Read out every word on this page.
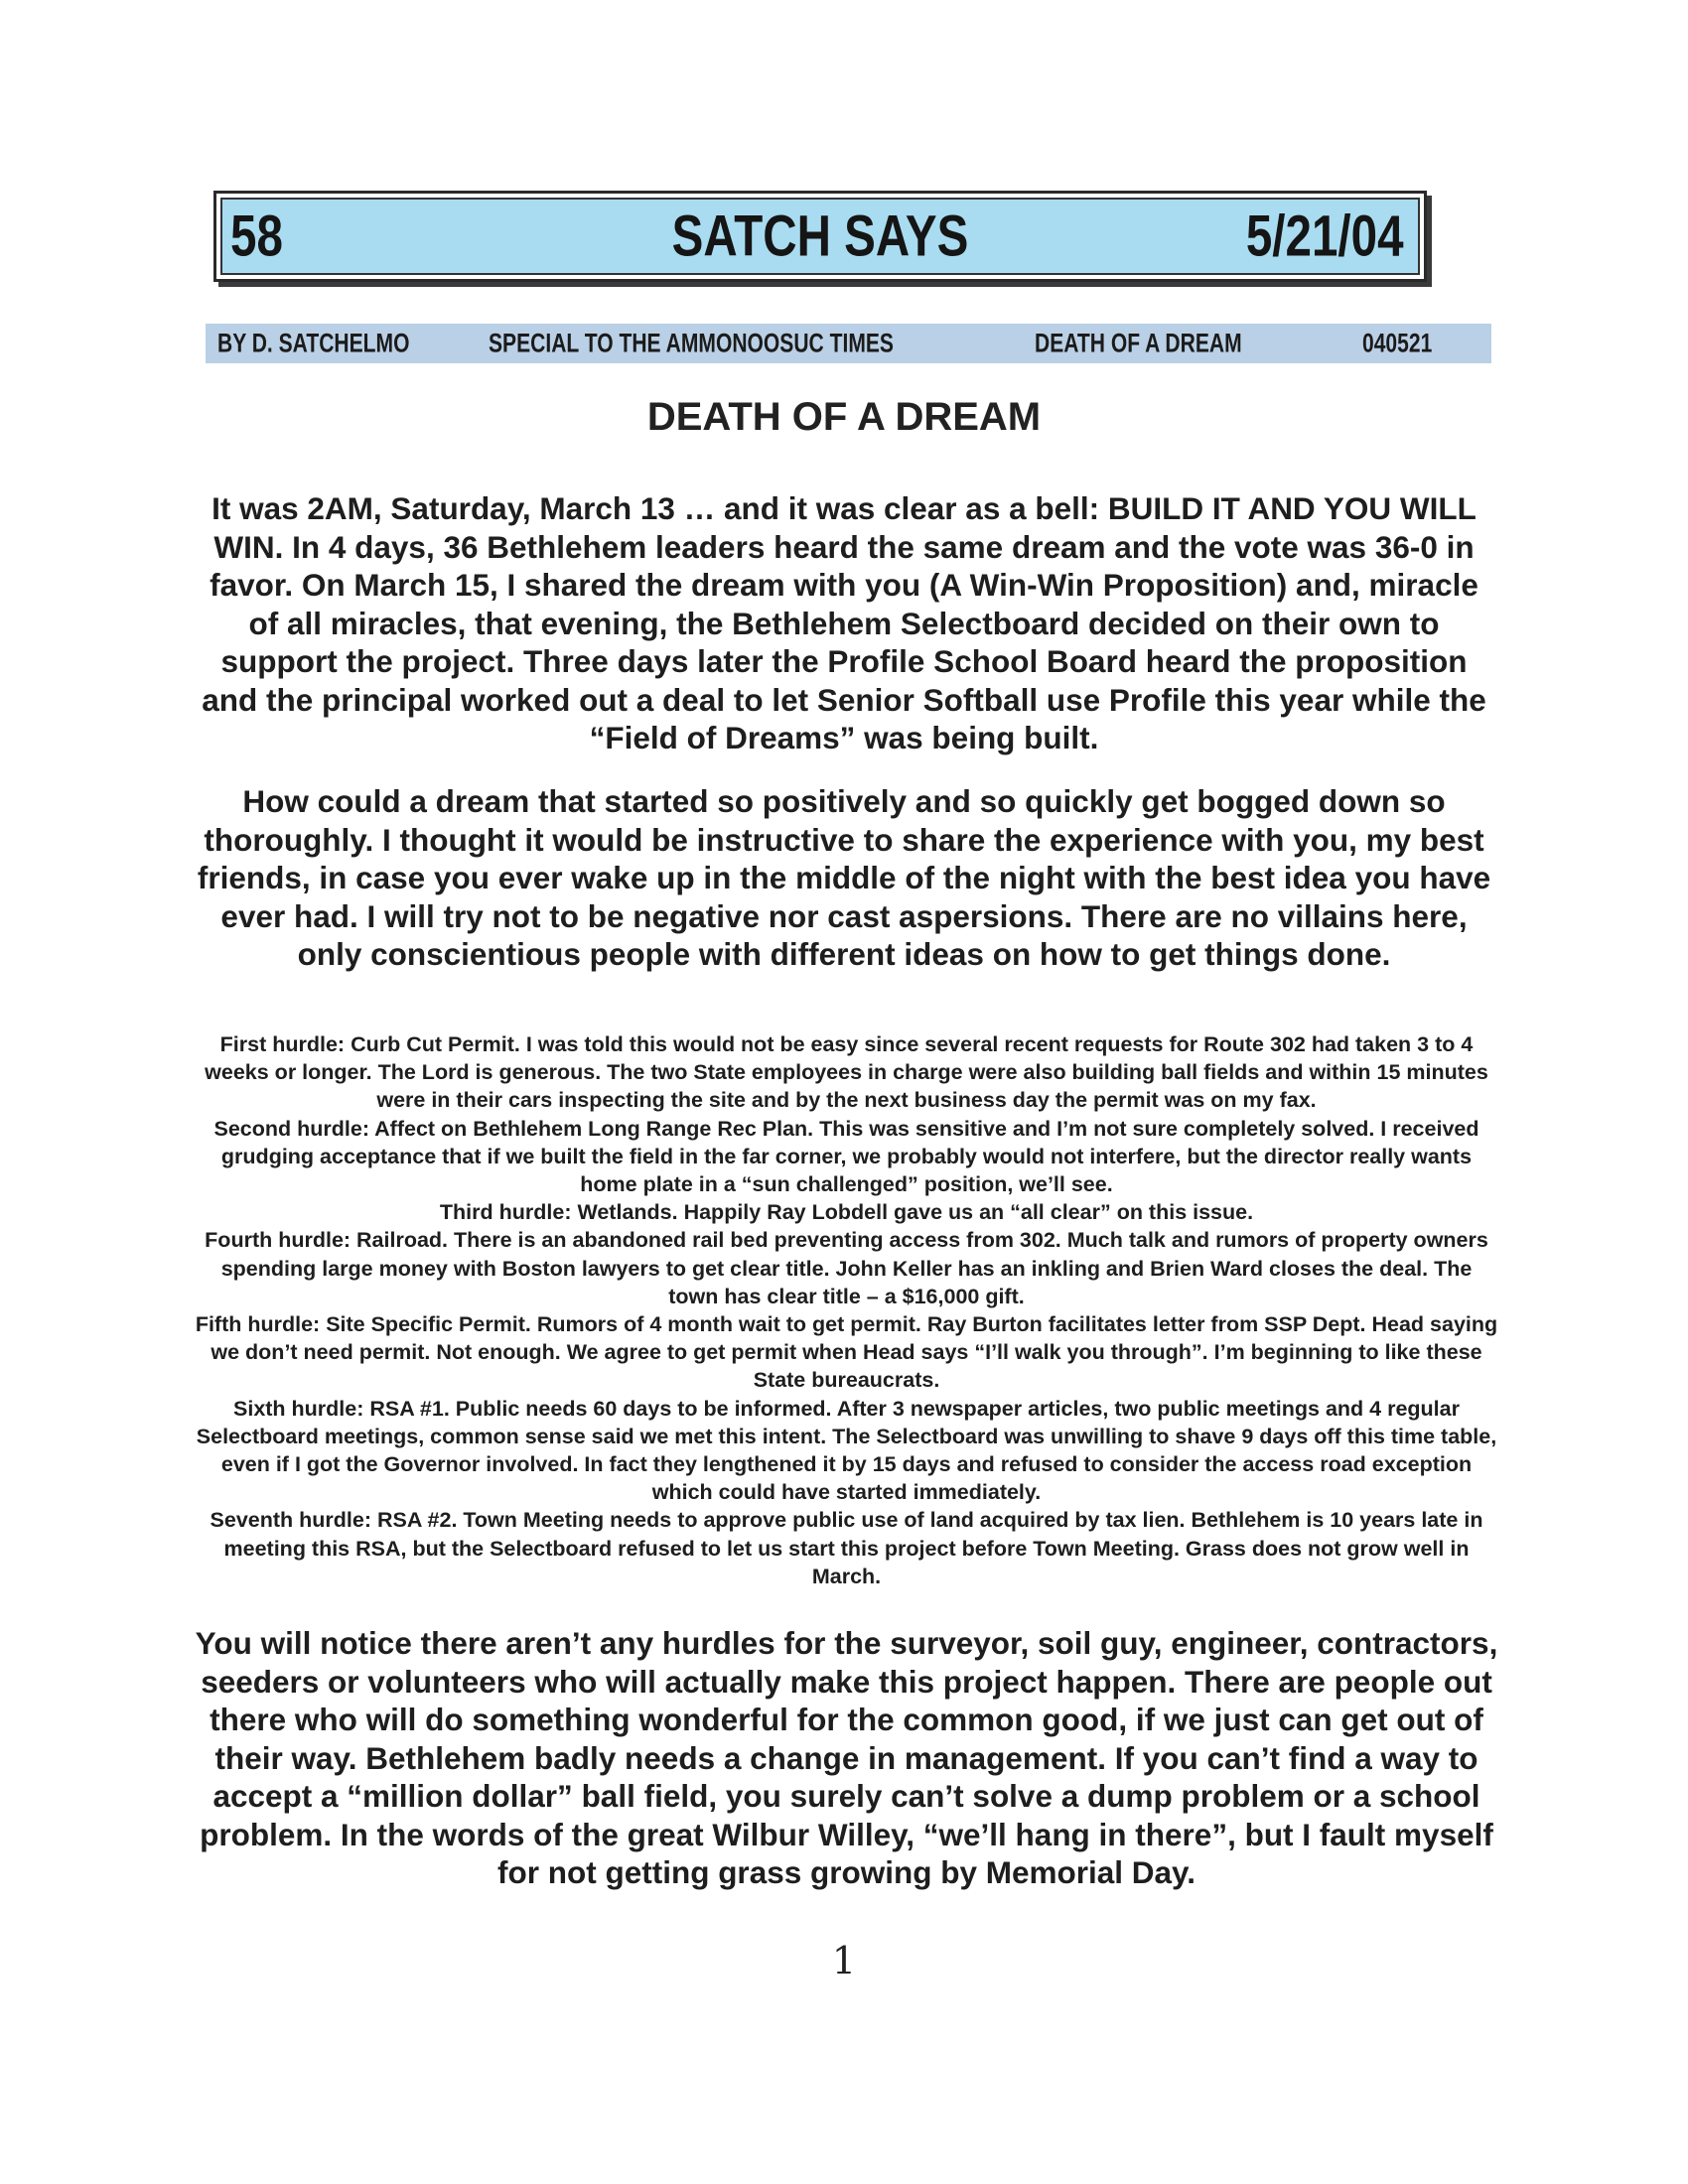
58	SATCH SAYS	5/21/04
BY D. SATCHELMO	SPECIAL TO THE AMMONOOSUC TIMES	DEATH OF A DREAM	040521
DEATH OF A DREAM

It was 2AM, Saturday, March 13 … and it was clear as a bell: BUILD IT AND YOU WILL WIN. In 4 days, 36 Bethlehem leaders heard the same dream and the vote was 36-0 in favor. On March 15, I shared the dream with you (A Win-Win Proposition) and, miracle of all miracles, that evening, the Bethlehem Selectboard decided on their own to support the project. Three days later the Profile School Board heard the proposition and the principal worked out a deal to let Senior Softball use Profile this year while the “Field of Dreams” was being built.

How could a dream that started so positively and so quickly get bogged down so thoroughly. I thought it would be instructive to share the experience with you, my best friends, in case you ever wake up in the middle of the night with the best idea you have ever had. I will try not to be negative nor cast aspersions. There are no villains here, only conscientious people with different ideas on how to get things done.

First hurdle: Curb Cut Permit. I was told this would not be easy since several recent requests for Route 302 had taken 3 to 4 weeks or longer. The Lord is generous. The two State employees in charge were also building ball fields and within 15 minutes were in their cars inspecting the site and by the next business day the permit was on my fax.

Second hurdle: Affect on Bethlehem Long Range Rec Plan. This was sensitive and I’m not sure completely solved. I received grudging acceptance that if we built the field in the far corner, we probably would not interfere, but the director really wants home plate in a “sun challenged” position, we’ll see.

Third hurdle: Wetlands. Happily Ray Lobdell gave us an “all clear” on this issue.

Fourth hurdle: Railroad. There is an abandoned rail bed preventing access from 302. Much talk and rumors of property owners spending large money with Boston lawyers to get clear title. John Keller has an inkling and Brien Ward closes the deal. The town has clear title – a $16,000 gift.

Fifth hurdle: Site Specific Permit. Rumors of 4 month wait to get permit. Ray Burton facilitates letter from SSP Dept. Head saying we don’t need permit. Not enough. We agree to get permit when Head says “I’ll walk you through”. I’m beginning to like these State bureaucrats.

Sixth hurdle: RSA #1. Public needs 60 days to be informed. After 3 newspaper articles, two public meetings and 4 regular Selectboard meetings, common sense said we met this intent. The Selectboard was unwilling to shave 9 days off this time table, even if I got the Governor involved. In fact they lengthened it by 15 days and refused to consider the access road exception which could have started immediately.

Seventh hurdle: RSA #2. Town Meeting needs to approve public use of land acquired by tax lien. Bethlehem is 10 years late in meeting this RSA, but the Selectboard refused to let us start this project before Town Meeting. Grass does not grow well in March.

You will notice there aren’t any hurdles for the surveyor, soil guy, engineer, contractors, seeders or volunteers who will actually make this project happen. There are people out there who will do something wonderful for the common good, if we just can get out of their way. Bethlehem badly needs a change in management. If you can’t find a way to accept a “million dollar” ball field, you surely can’t solve a dump problem or a school problem. In the words of the great Wilbur Willey, “we’ll hang in there”, but I fault myself for not getting grass growing by Memorial Day.

1
